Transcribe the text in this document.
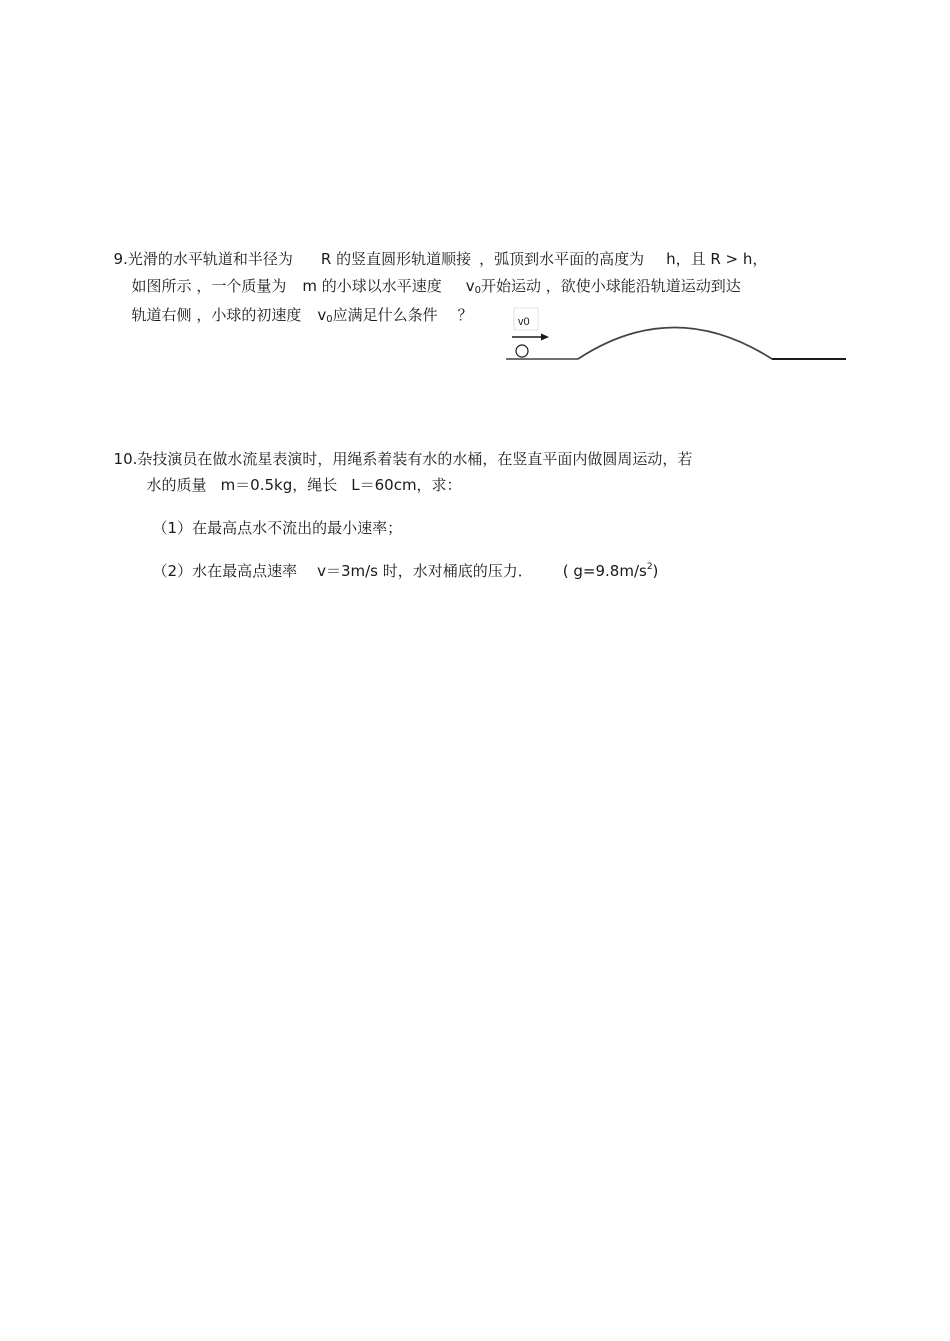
9.光滑的水平轨道和半径为 R 的竖直圆形轨道顺接 ，弧顶到水平面的高度为 h，且 R > h，

如图所示 ，一个质量为 m 的小球以水平速度 $v_0$开始运动 ，欲使小球能沿轨道运动到达

轨道右侧 ，小球的初速度 $v_0$应满足什么条件 ？	v0

10.杂技演员在做水流星表演时，用绳系着装有水的水桶，在竖直平面内做圆周运动，若

水的质量 m＝0.5kg，绳长 L＝60cm，求：

（1）在最高点水不流出的最小速率；

（2）水在最高点速率 v＝3m/s 时，水对桶底的压力． ( $g=9.8m/s^2$)
